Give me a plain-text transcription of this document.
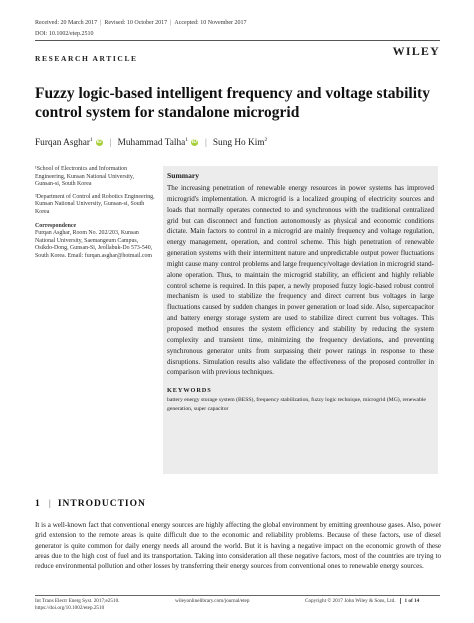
Received: 20 March 2017 | Revised: 10 October 2017 | Accepted: 10 November 2017
DOI: 10.1002/etep.2510
RESEARCH ARTICLE
WILEY
Fuzzy logic-based intelligent frequency and voltage stability control system for standalone microgrid
Furqan Asghar$^1$ iD | Muhammad Talha$^1$ iD | Sung Ho Kim$^2$

¹School of Electronics and Information Engineering, Kunsan National University, Gunsan-si, South Korea

²Department of Control and Robotics Engineering, Kunsan National University, Gunsan-si, South Korea

Correspondence

Furqan Asghar, Room No. 202/203, Kunsan National University, Saemangeum Campus, Osikdo-Dong, Gunsan-Si, Jeollabuk-Do 573-540, South Korea. Email: furqan.asghar@hotmail.com

Summary

The increasing penetration of renewable energy resources in power systems has improved microgrid's implementation. A microgrid is a localized grouping of electricity sources and loads that normally operates connected to and synchronous with the traditional centralized grid but can disconnect and function autonomously as physical and economic conditions dictate. Main factors to control in a microgrid are mainly frequency and voltage regulation, energy management, operation, and control scheme. This high penetration of renewable generation systems with their intermittent nature and unpredictable output power fluctuations might cause many control problems and large frequency/voltage deviation in microgrid stand-alone operation. Thus, to maintain the microgrid stability, an efficient and highly reliable control scheme is required. In this paper, a newly proposed fuzzy logic-based robust control mechanism is used to stabilize the frequency and direct current bus voltages in large fluctuations caused by sudden changes in power generation or load side. Also, supercapacitor and battery energy storage system are used to stabilize direct current bus voltages. This proposed method ensures the system efficiency and stability by reducing the system complexity and transient time, minimizing the frequency deviations, and preventing synchronous generator units from surpassing their power ratings in response to these disruptions. Simulation results also validate the effectiveness of the proposed controller in comparison with previous techniques.

KEYWORDS

battery energy storage system (BESS), frequency stabilization, fuzzy logic technique, microgrid (MG), renewable generation, super capacitor

1 | INTRODUCTION
It is a well-known fact that conventional energy sources are highly affecting the global environment by emitting greenhouse gases. Also, power grid extension to the remote areas is quite difficult due to the economic and reliability problems. Because of these factors, use of diesel generator is quite common for daily energy needs all around the world. But it is having a negative impact on the economic growth of these areas due to the high cost of fuel and its transportation. Taking into consideration all these negative factors, most of the countries are trying to reduce environmental pollution and other losses by transferring their energy sources from conventional ones to renewable energy sources.
Int Trans Electr Energ Syst. 2017;e2510.
https://doi.org/10.1002/etep.2510
wileyonlinelibrary.com/journal/etep	Copyright © 2017 John Wiley & Sons, Ltd. 1 of 14
